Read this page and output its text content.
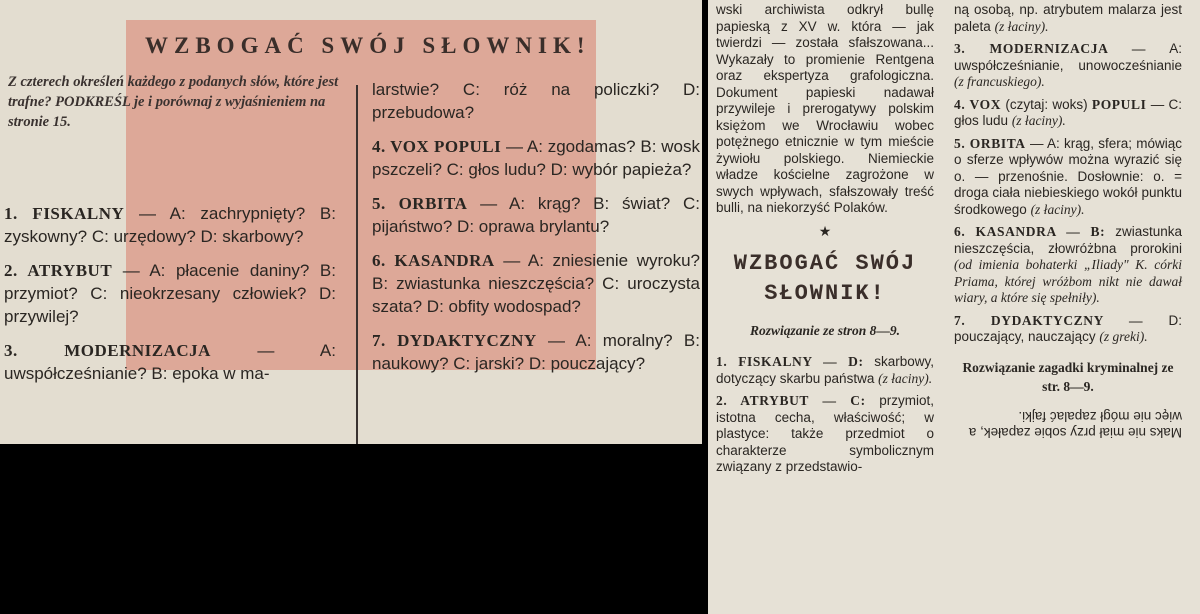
WZBOGAĆ SWÓJ SŁOWNIK!
Z czterech określeń każdego z podanych słów, które jest trafne? PODKREŚL je i porównaj z wyjaśnieniem na stronie 15.

1. FISKALNY — A: zachrypnięty? B: zyskowny? C: urzędowy? D: skarbowy?

2. ATRYBUT — A: płacenie daniny? B: przymiot? C: nieokrzesany człowiek? D: przywilej?

3. MODERNIZACJA	— A: uwspółcześnianie? B: epoka w ma-

larstwie? C: róż na policzki? D: przebudowa?

4. VOX POPULI — A: zgodamas? B: wosk pszczeli? C: głos ludu? D: wybór papieża?

5. ORBITA — A: krąg? B: świat? C: pijaństwo? D: oprawa brylantu?

6. KASANDRA — A: zniesienie wyroku? B: zwiastunka nieszczęścia? C: uroczysta szata? D: obfity wodospad?

7. DYDAKTYCZNY — A: moralny? B: naukowy? C: jarski? D: pouczający?

wski archiwista odkrył bullę papieską z XV w. która — jak twierdzi — została sfałszowana... Wykazały to promienie Rentgena oraz ekspertyza grafologiczna. Dokument papieski nadawał przywileje i prerogatywy polskim księżom we Wrocławiu wobec potężnego etnicznie w tym mieście żywiołu polskiego. Niemieckie władze kościelne zagrożone w swych wpływach, sfałszowały treść bulli, na niekorzyść Polaków.

★
WZBOGAĆ SWÓJ SŁOWNIK!
Rozwiązanie ze stron 8—9.

1. FISKALNY — D: skarbowy, dotyczący skarbu państwa (z łaciny).

2. ATRYBUT — C: przymiot, istotna cecha, właściwość; w plastyce: także przedmiot o charakterze symbolicznym związany z przedstawio-

ną osobą, np. atrybutem malarza jest paleta (z łaciny).

3. MODERNIZACJA — A: uwspółcześnianie, unowocześnianie (z francuskiego).

4. VOX (czytaj: woks) POPULI — C: głos ludu (z łaciny).

5. ORBITA — A: krąg, sfera; mówiąc o sferze wpływów można wyrazić się o. — przenośnie. Dosłownie: o. = droga ciała niebieskiego wokół punktu środkowego (z łaciny).

6. KASANDRA — B: zwiastunka nieszczęścia, złowróżbna prorokini (od imienia bohaterki „Iliady" K. córki Priama, której wróżbom nikt nie dawał wiary, a które się spełniły).

7. DYDAKTYCZNY — D: pouczający, nauczający (z greki).

Rozwiązanie zagadki kryminalnej ze str. 8—9.
Maks nie miał przy sobie zapałek, a więc nie mógł zapalać fajki.
